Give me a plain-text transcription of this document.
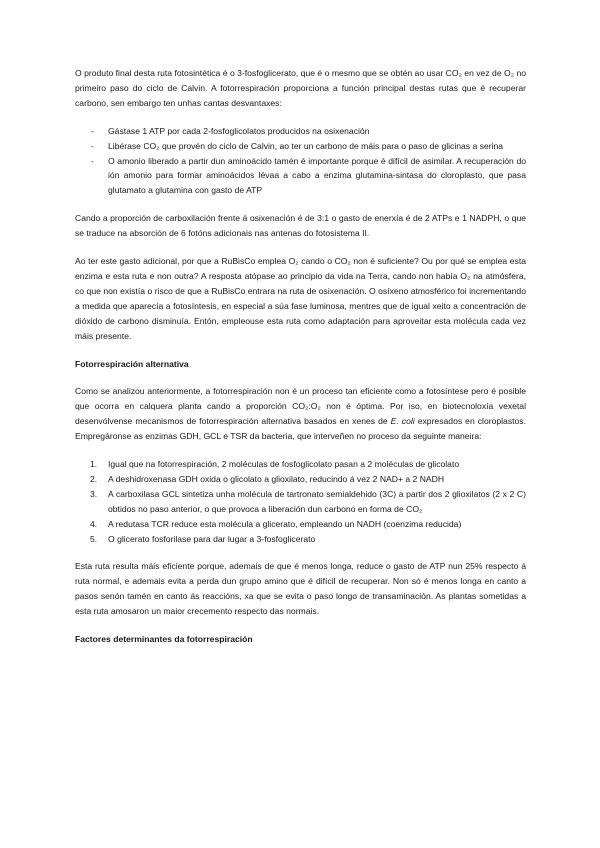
O produto final desta ruta fotosintética é o 3-fosfoglicerato, que é o mesmo que se obtén ao usar CO₂ en vez de O₂ no primeiro paso do ciclo de Calvin. A fotorrespiración proporciona a función principal destas rutas que é recuperar carbono, sen embargo ten unhas cantas desvantaxes:

- Gástase 1 ATP por cada 2-fosfoglicolatos producidos na osixenación
- Libérase CO₂ que provén do ciclo de Calvin, ao ter un carbono de máis para o paso de glicinas a serina
- O amonio liberado a partir dun aminoácido tamén é importante porque é difícil de asimilar. A recuperación do ión amonio para formar aminoácidos lévaa a cabo a enzima glutamina-sintasa do cloroplasto, que pasa glutamato a glutamina con gasto de ATP

Cando a proporción de carboxilación frente á osixenación é de 3:1 o gasto de enerxía é de 2 ATPs e 1 NADPH, o que se traduce na absorción de 6 fotóns adicionais nas antenas do fotosistema II.

Ao ter este gasto adicional, por que a RuBisCo emplea O₂ cando o CO₂ non é suficiente? Ou por qué se emplea esta enzima e esta ruta e non outra? A resposta atópase ao principio da vida na Terra, cando non había O₂ na atmósfera, co que non existía o risco de que a RuBisCo entrara na ruta de osixenación. O osíxeno atmosférico foi incrementando a medida que aparecía a fotosíntesis, en especial a súa fase luminosa, mentres que de igual xeito a concentración de dióxido de carbono disminuía. Entón, empleouse esta ruta como adaptación para aproveitar esta molécula cada vez máis presente.

Fotorrespiración alternativa

Como se analizou anteriormente, a fotorrespiración non é un proceso tan eficiente como a fotosíntese pero é posible que ocorra en calquera planta cando a proporción CO₂:O₂ non é óptima. Por iso, en biotecnoloxía vexetal desenvólvense mecanismos de fotorrespiración alternativa basados en xenes de E. coli expresados en cloroplastos. Empregáronse as enzimas GDH, GCL e TSR da bacteria, que interveñen no proceso da seguinte maneira:

1. Igual que na fotorrespiración, 2 moléculas de fosfoglicolato pasan a 2 moléculas de glicolato
2. A deshidroxenasa GDH oxida o glicolato a glioxilato, reducindo á vez 2 NAD+ a 2 NADH
3. A carboxilasa GCL sintetiza unha molécula de tartronato semialdehido (3C) a partir dos 2 glioxilatos (2 x 2 C) obtidos no paso anterior, o que provoca a liberación dun carbono en forma de CO₂
4. A redutasa TCR reduce esta molécula a glicerato, empleando un NADH (coenzima reducida)
5. O glicerato fosforilase para dar lugar a 3-fosfoglicerato

Esta ruta resulta máis eficiente porque, ademais de que é menos longa, reduce o gasto de ATP nun 25% respecto á ruta normal, e ademais evita a perda dun grupo amino que é difícil de recuperar. Non só é menos longa en canto a pasos senón tamén en canto ás reaccións, xa que se evita o paso longo de transaminación. As plantas sometidas a esta ruta amosaron un maior crecemento respecto das normais.

Factores determinantes da fotorrespiración
